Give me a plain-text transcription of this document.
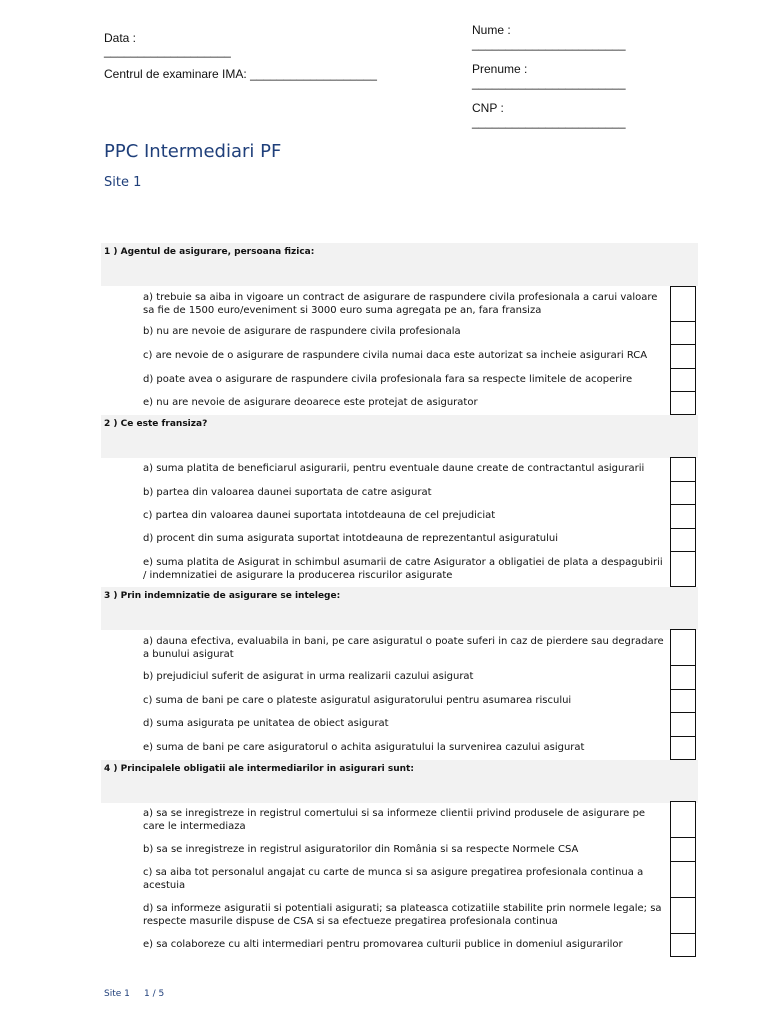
Data :
___________________
Centrul de examinare IMA: ___________________
Nume :
_______________________
Prenume :
_______________________
CNP :
_______________________
PPC Intermediari PF
Site 1
1 ) Agentul de asigurare, persoana fizica:
a) trebuie sa aiba in vigoare un contract de asigurare de raspundere civila profesionala a carui valoare sa fie de 1500 euro/eveniment si 3000 euro suma agregata pe an, fara fransiza
b) nu are nevoie de asigurare de raspundere civila profesionala
c) are nevoie de o asigurare de raspundere civila numai daca este autorizat sa incheie asigurari RCA
d) poate avea o asigurare de raspundere civila profesionala fara sa respecte limitele de acoperire
e) nu are nevoie de asigurare deoarece este protejat de asigurator
2 ) Ce este fransiza?
a) suma platita de beneficiarul asigurarii, pentru eventuale daune create de contractantul asigurarii
b) partea din valoarea daunei suportata de catre asigurat
c) partea din valoarea daunei suportata intotdeauna de cel prejudiciat
d) procent din suma asigurata suportat intotdeauna de reprezentantul asiguratului
e) suma platita de Asigurat in schimbul asumarii de catre Asigurator a obligatiei de plata a despagubirii / indemnizatiei de asigurare la producerea riscurilor asigurate
3 ) Prin indemnizatie de asigurare se intelege:
a) dauna efectiva, evaluabila in bani, pe care asiguratul o poate suferi in caz de pierdere sau degradare a bunului asigurat
b) prejudiciul suferit de asigurat in urma realizarii cazului asigurat
c) suma de bani pe care o plateste asiguratul asiguratorului pentru asumarea riscului
d) suma asigurata pe unitatea de obiect asigurat
e) suma de bani pe care asiguratorul o achita asiguratului la survenirea cazului asigurat
4 ) Principalele obligatii ale intermediarilor in asigurari sunt:
a) sa se inregistreze in registrul comertului si sa informeze clientii privind produsele de asigurare pe care le intermediaza
b) sa se inregistreze in registrul asiguratorilor din România si sa respecte Normele CSA
c) sa aiba tot personalul angajat cu carte de munca si sa asigure pregatirea profesionala continua a acestuia
d) sa informeze asiguratii si potentiali asigurati; sa plateasca cotizatiile stabilite prin normele legale; sa respecte masurile dispuse de CSA si sa efectueze pregatirea profesionala continua
e) sa colaboreze cu alti intermediari pentru promovarea culturii publice in domeniul asigurarilor
Site 1 1 / 5
